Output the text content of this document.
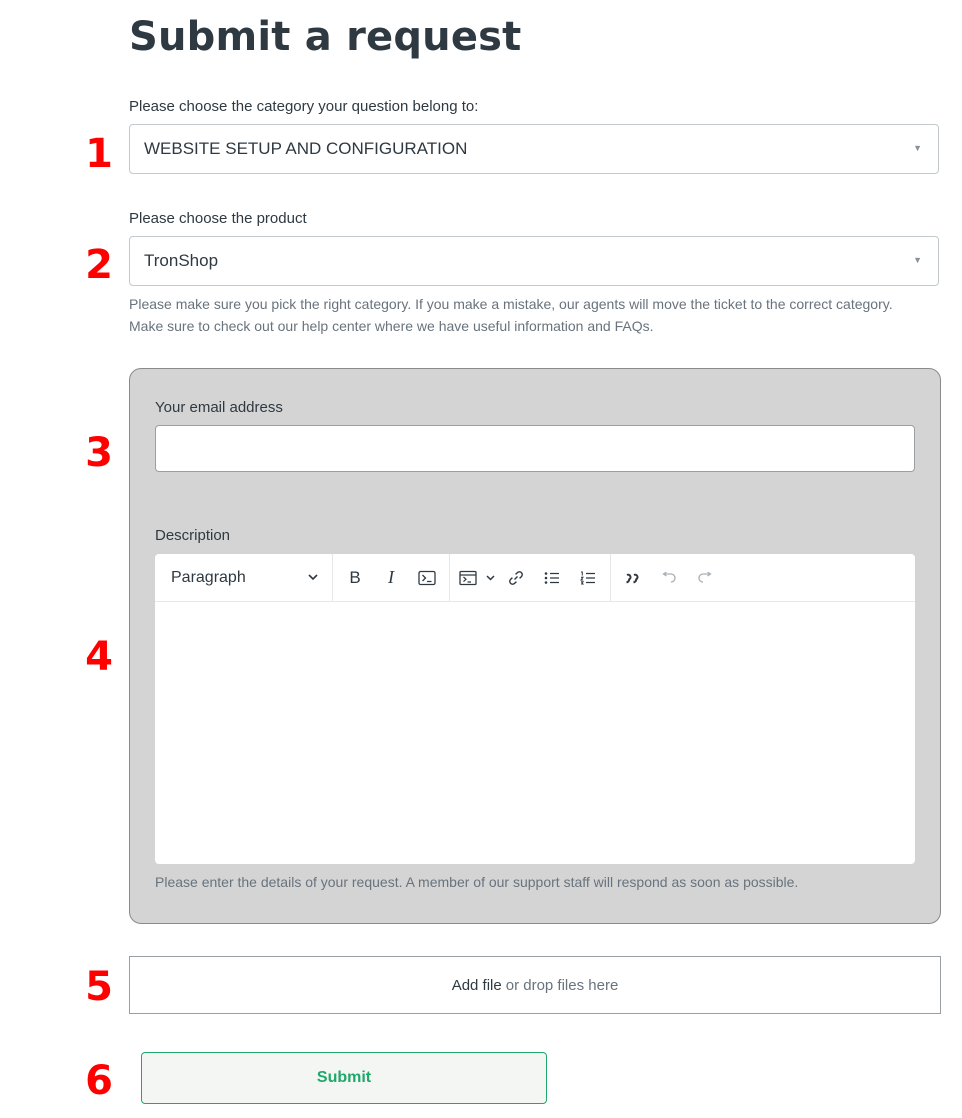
Submit a request
1
2
3
4
5
6
Please choose the category your question belong to:
WEBSITE SETUP AND CONFIGURATION	▼
Please choose the product
TronShop	▼
Please make sure you pick the right category. If you make a mistake, our agents will move the ticket to the correct category. Make sure to check out our help center where we have useful information and FAQs.
Your email address
Description
Paragraph	B	I
Please enter the details of your request. A member of our support staff will respond as soon as possible.
Add file or drop files here
Submit
